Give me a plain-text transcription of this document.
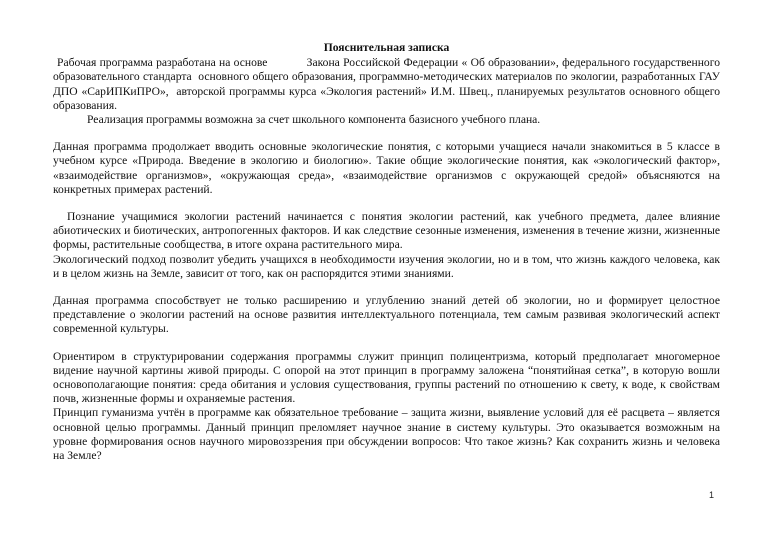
Пояснительная записка

Рабочая программа разработана на основе            Закона Российской Федерации « Об образовании», федерального государственного образовательного стандарта  основного общего образования, программно-методических материалов по экологии, разработанных ГАУ ДПО «СарИПКиПРО»,  авторской программы курса «Экология растений» И.М. Швец., планируемых результатов основного общего образования.

Реализация программы возможна за счет школьного компонента базисного учебного плана.

Данная программа продолжает вводить основные экологические понятия, с которыми учащиеся начали знакомиться в 5 классе в учебном курсе «Природа. Введение в экологию и биологию». Такие общие экологические понятия, как «экологический фактор», «взаимодействие организмов», «окружающая среда», «взаимодействие организмов с окружающей средой» объясняются на конкретных примерах растений.

Познание учащимися экологии растений начинается с понятия экологии растений, как учебного предмета, далее влияние абиотических и биотических, антропогенных факторов. И как следствие сезонные изменения, изменения в течение жизни, жизненные формы, растительные сообщества, в итоге охрана растительного мира.

Экологический подход позволит убедить учащихся в необходимости изучения экологии, но и в том, что жизнь каждого человека, как и в целом жизнь на Земле, зависит от того, как он распорядится этими знаниями.

Данная программа способствует не только расширению и углублению знаний детей об экологии, но и формирует целостное представление о экологии растений на основе развития интеллектуального потенциала, тем самым развивая экологический аспект современной культуры.

Ориентиром в структурировании содержания программы служит принцип полицентризма, который предполагает многомерное видение научной картины живой природы. С опорой на этот принцип в программу заложена “понятийная сетка”, в которую вошли основополагающие понятия: среда обитания и условия существования, группы растений по отношению к свету, к воде, к свойствам почв, жизненные формы и охраняемые растения.

Принцип гуманизма учтён в программе как обязательное требование – защита жизни, выявление условий для её расцвета – является основной целью программы. Данный принцип преломляет научное знание в систему культуры. Это оказывается возможным на уровне формирования основ научного мировоззрения при обсуждении вопросов: Что такое жизнь? Как сохранить жизнь и человека на Земле?

1
